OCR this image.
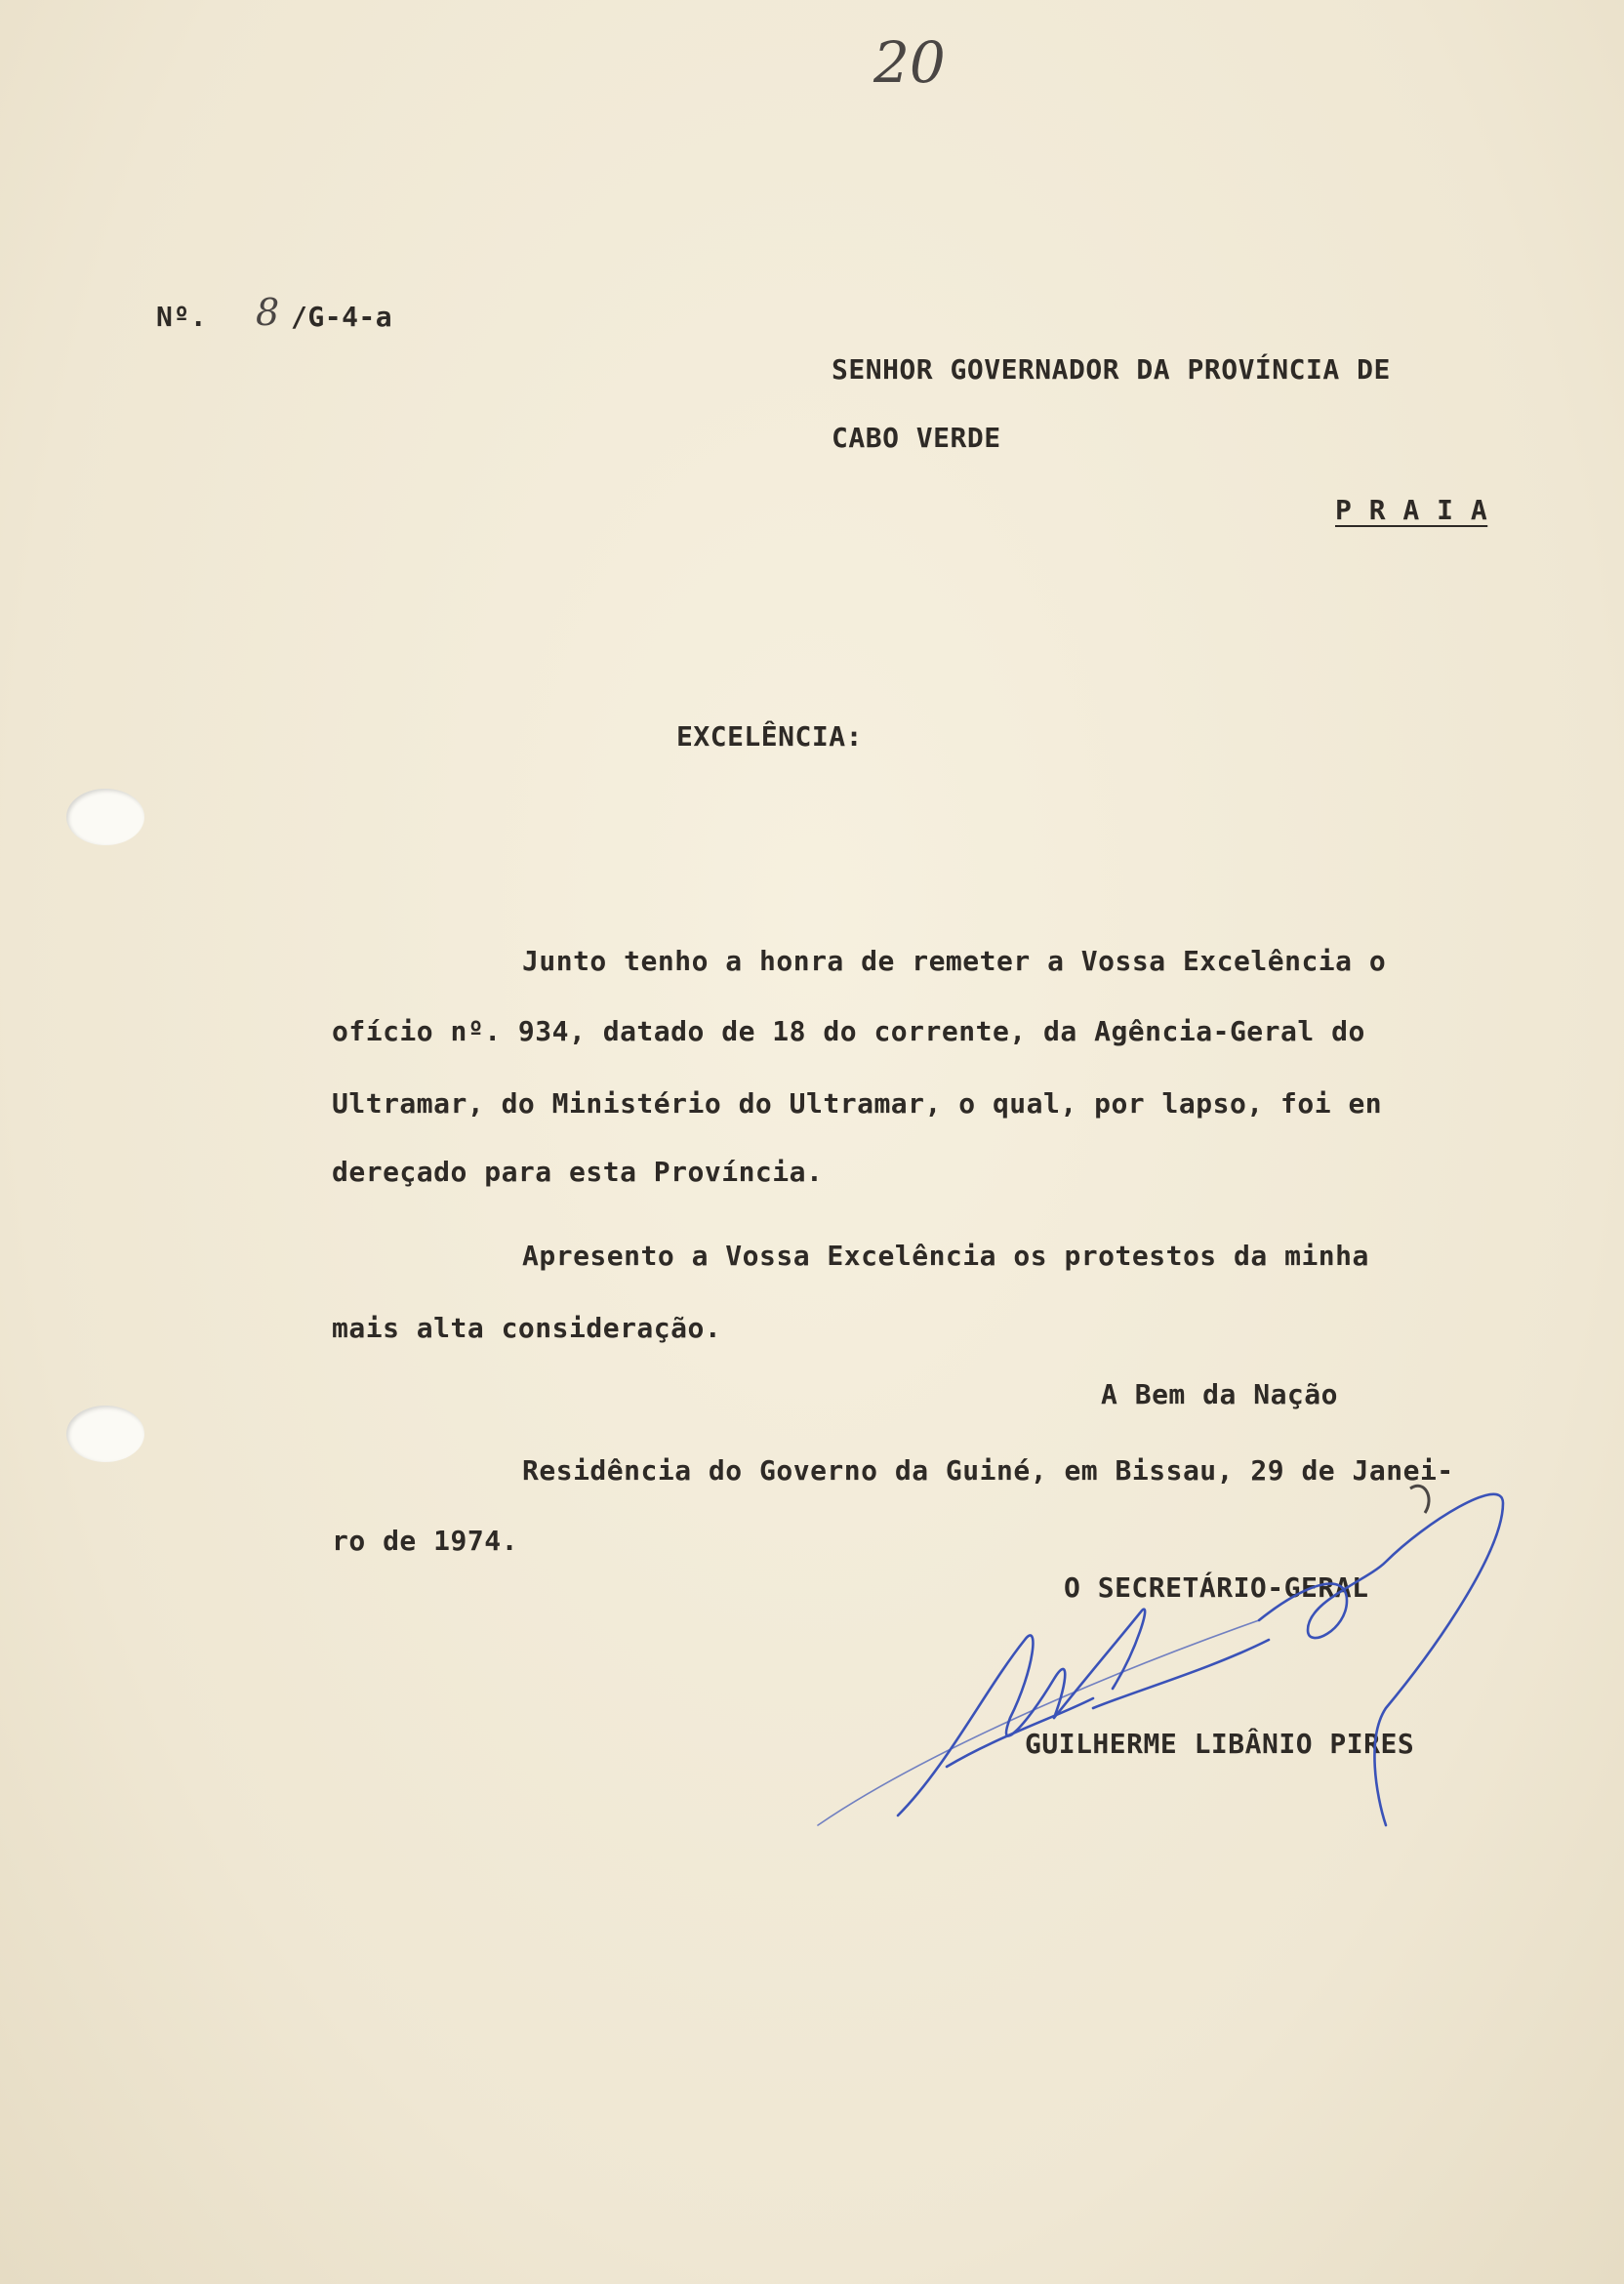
20
Nº. 8 /G-4-a
SENHOR GOVERNADOR DA PROVÍNCIA DE
CABO VERDE
P R A I A
EXCELÊNCIA:
Junto tenho a honra de remeter a Vossa Excelência o
ofício nº. 934, datado de 18 do corrente, da Agência-Geral do
Ultramar, do Ministério do Ultramar, o qual, por lapso, foi en
dereçado para esta Província.
Apresento a Vossa Excelência os protestos da minha
mais alta consideração.
A Bem da Nação
Residência do Governo da Guiné, em Bissau, 29 de Janei-
ro de 1974.
O SECRETÁRIO-GERAL
GUILHERME LIBÂNIO PIRES
